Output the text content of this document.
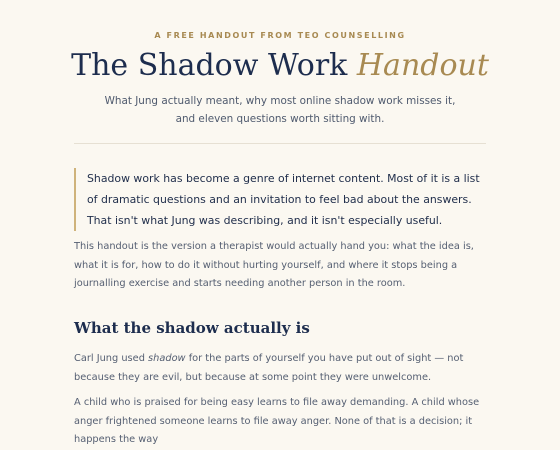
A FREE HANDOUT FROM TEO COUNSELLING
The Shadow Work Handout
What Jung actually meant, why most online shadow work misses it,
and eleven questions worth sitting with.

Shadow work has become a genre of internet content. Most of it is a list of dramatic questions and an invitation to feel bad about the answers. That isn't what Jung was describing, and it isn't especially useful.

This handout is the version a therapist would actually hand you: what the idea is, what it is for, how to do it without hurting yourself, and where it stops being a journalling exercise and starts needing another person in the room.

What the shadow actually is

Carl Jung used shadow for the parts of yourself you have put out of sight — not because they are evil, but because at some point they were unwelcome.

A child who is praised for being easy learns to file away demanding. A child whose anger frightened someone learns to file away anger. None of that is a decision; it happens the way
